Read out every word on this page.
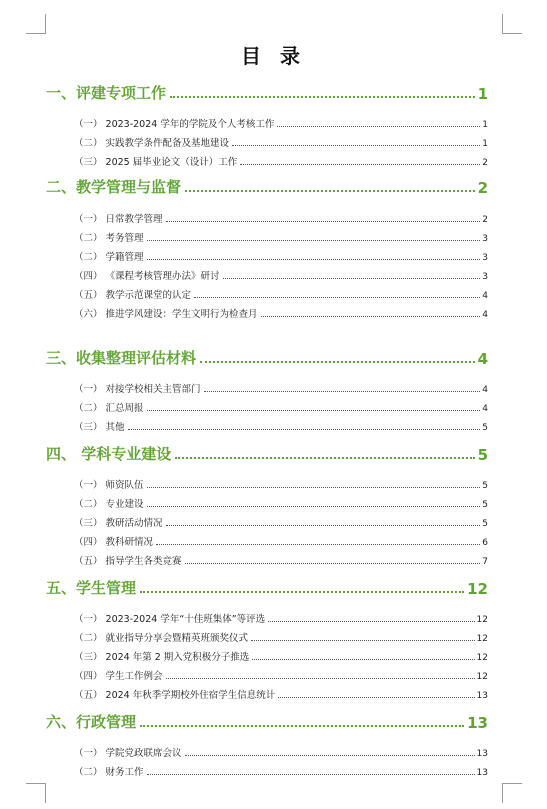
目 录
一、评建专项工作	1
（一） 2023-2024 学年的学院及个人考核工作	1
（二） 实践教学条件配备及基地建设	1
（三） 2025 届毕业论文（设计）工作	2
二、教学管理与监督	2
（一） 日常教学管理	2
（二） 考务管理	3
（二） 学籍管理	3
（四） 《课程考核管理办法》研讨	3
（五） 教学示范课堂的认定	4
（六） 推进学风建设：学生文明行为检查月	4
三、收集整理评估材料	4
（一） 对接学校相关主管部门	4
（二） 汇总周报	4
（三） 其他	5
四、 学科专业建设	5
（一） 师资队伍	5
（二） 专业建设	5
（三） 教研活动情况	5
（四） 教科研情况	6
（五） 指导学生各类竞赛	7
五、学生管理	12
（一） 2023-2024 学年“十佳班集体”等评选	12
（二） 就业指导分享会暨精英班颁奖仪式	12
（三） 2024 年第 2 期入党积极分子推选	12
（四） 学生工作例会	12
（五） 2024 年秋季学期校外住宿学生信息统计	13
六、行政管理	13
（一） 学院党政联席会议	13
（二） 财务工作	13
